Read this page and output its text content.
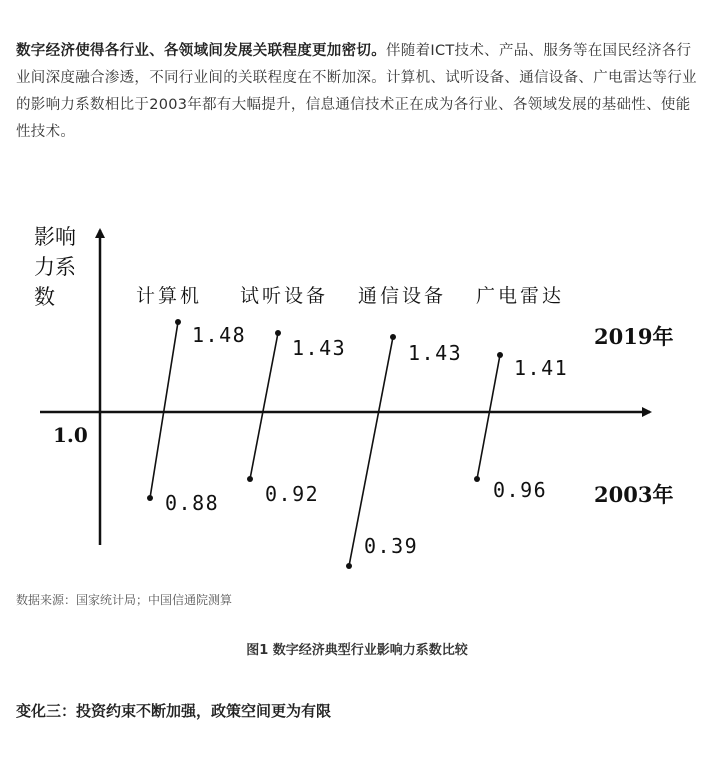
数字经济使得各行业、各领域间发展关联程度更加密切。伴随着ICT技术、产品、服务等在国民经济各行业间深度融合渗透，不同行业间的关联程度在不断加深。计算机、试听设备、通信设备、广电雷达等行业的影响力系数相比于2003年都有大幅提升，信息通信技术正在成为各行业、各领域发展的基础性、使能性技术。

影响
力系
数
1.0
2019年
2003年
计算机 试听设备 通信设备 广电雷达
1.48
0.88
1.43
0.92
1.43
0.39
1.41
0.96
数据来源：国家统计局；中国信通院测算
图1 数字经济典型行业影响力系数比较
变化三：投资约束不断加强，政策空间更为有限
